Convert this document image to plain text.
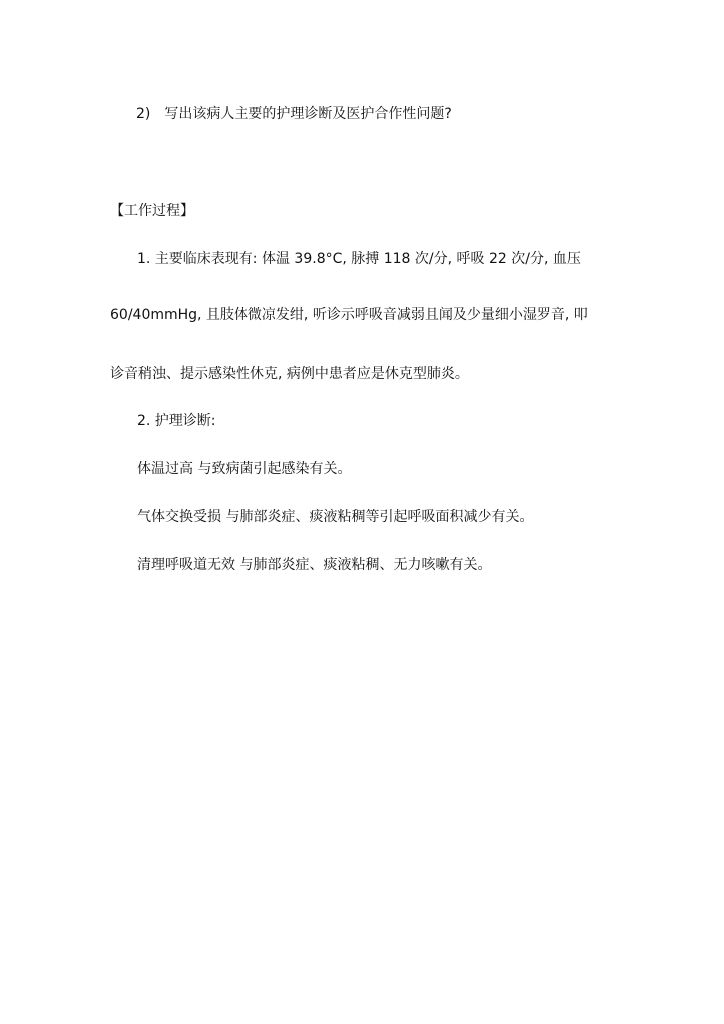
2) 写出该病人主要的护理诊断及医护合作性问题?
【工作过程】
1. 主要临床表现有: 体温 39.8°C, 脉搏 118 次/分, 呼吸 22 次/分, 血压
60/40mmHg, 且肢体微凉发绀, 听诊示呼吸音减弱且闻及少量细小湿罗音, 叩
诊音稍浊、提示感染性休克, 病例中患者应是休克型肺炎。
2. 护理诊断:
体温过高 与致病菌引起感染有关。
气体交换受损 与肺部炎症、痰液粘稠等引起呼吸面积减少有关。
清理呼吸道无效 与肺部炎症、痰液粘稠、无力咳嗽有关。
